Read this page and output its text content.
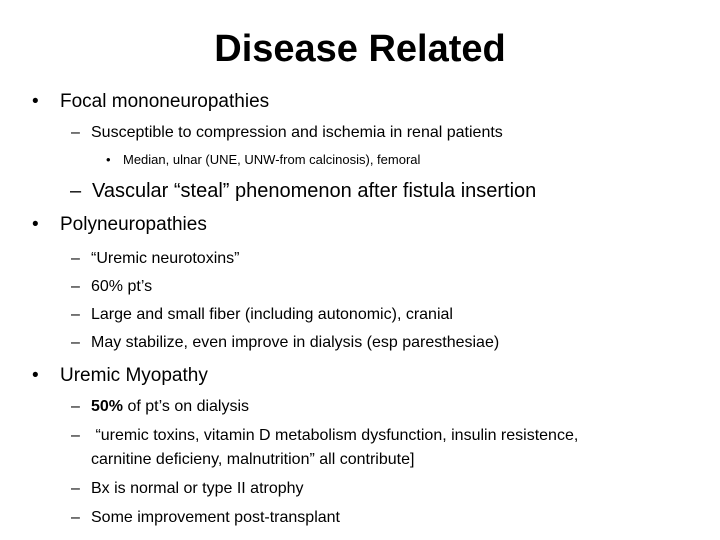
Disease Related
• Focal mononeuropathies
– Susceptible to compression and ischemia in renal patients
• Median, ulnar (UNE, UNW-from calcinosis), femoral
– Vascular “steal” phenomenon after fistula insertion
• Polyneuropathies
– “Uremic neurotoxins”
– 60% pt’s
– Large and small fiber (including autonomic), cranial
– May stabilize, even improve in dialysis (esp paresthesiae)
• Uremic Myopathy
– 50% of pt’s on dialysis
– “uremic toxins, vitamin D metabolism dysfunction, insulin resistence,
carnitine deficieny, malnutrition” all contribute]
– Bx is normal or type II atrophy
– Some improvement post-transplant
